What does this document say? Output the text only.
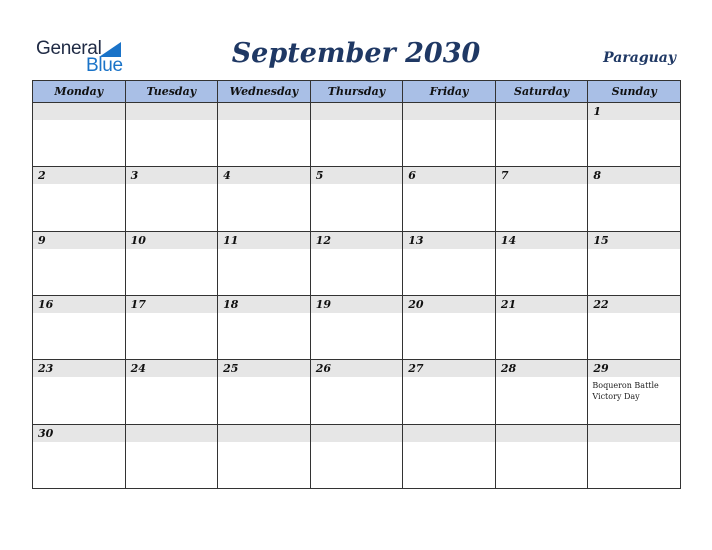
General
Blue	September 2030	Paraguay
Monday	Tuesday	Wednesday	Thursday	Friday	Saturday	Sunday

						1

2	3	4	5	6	7	8

9	10	11	12	13	14	15

16	17	18	19	20	21	22

23	24	25	26	27	28	29
Boqueron Battle Victory Day

30						
